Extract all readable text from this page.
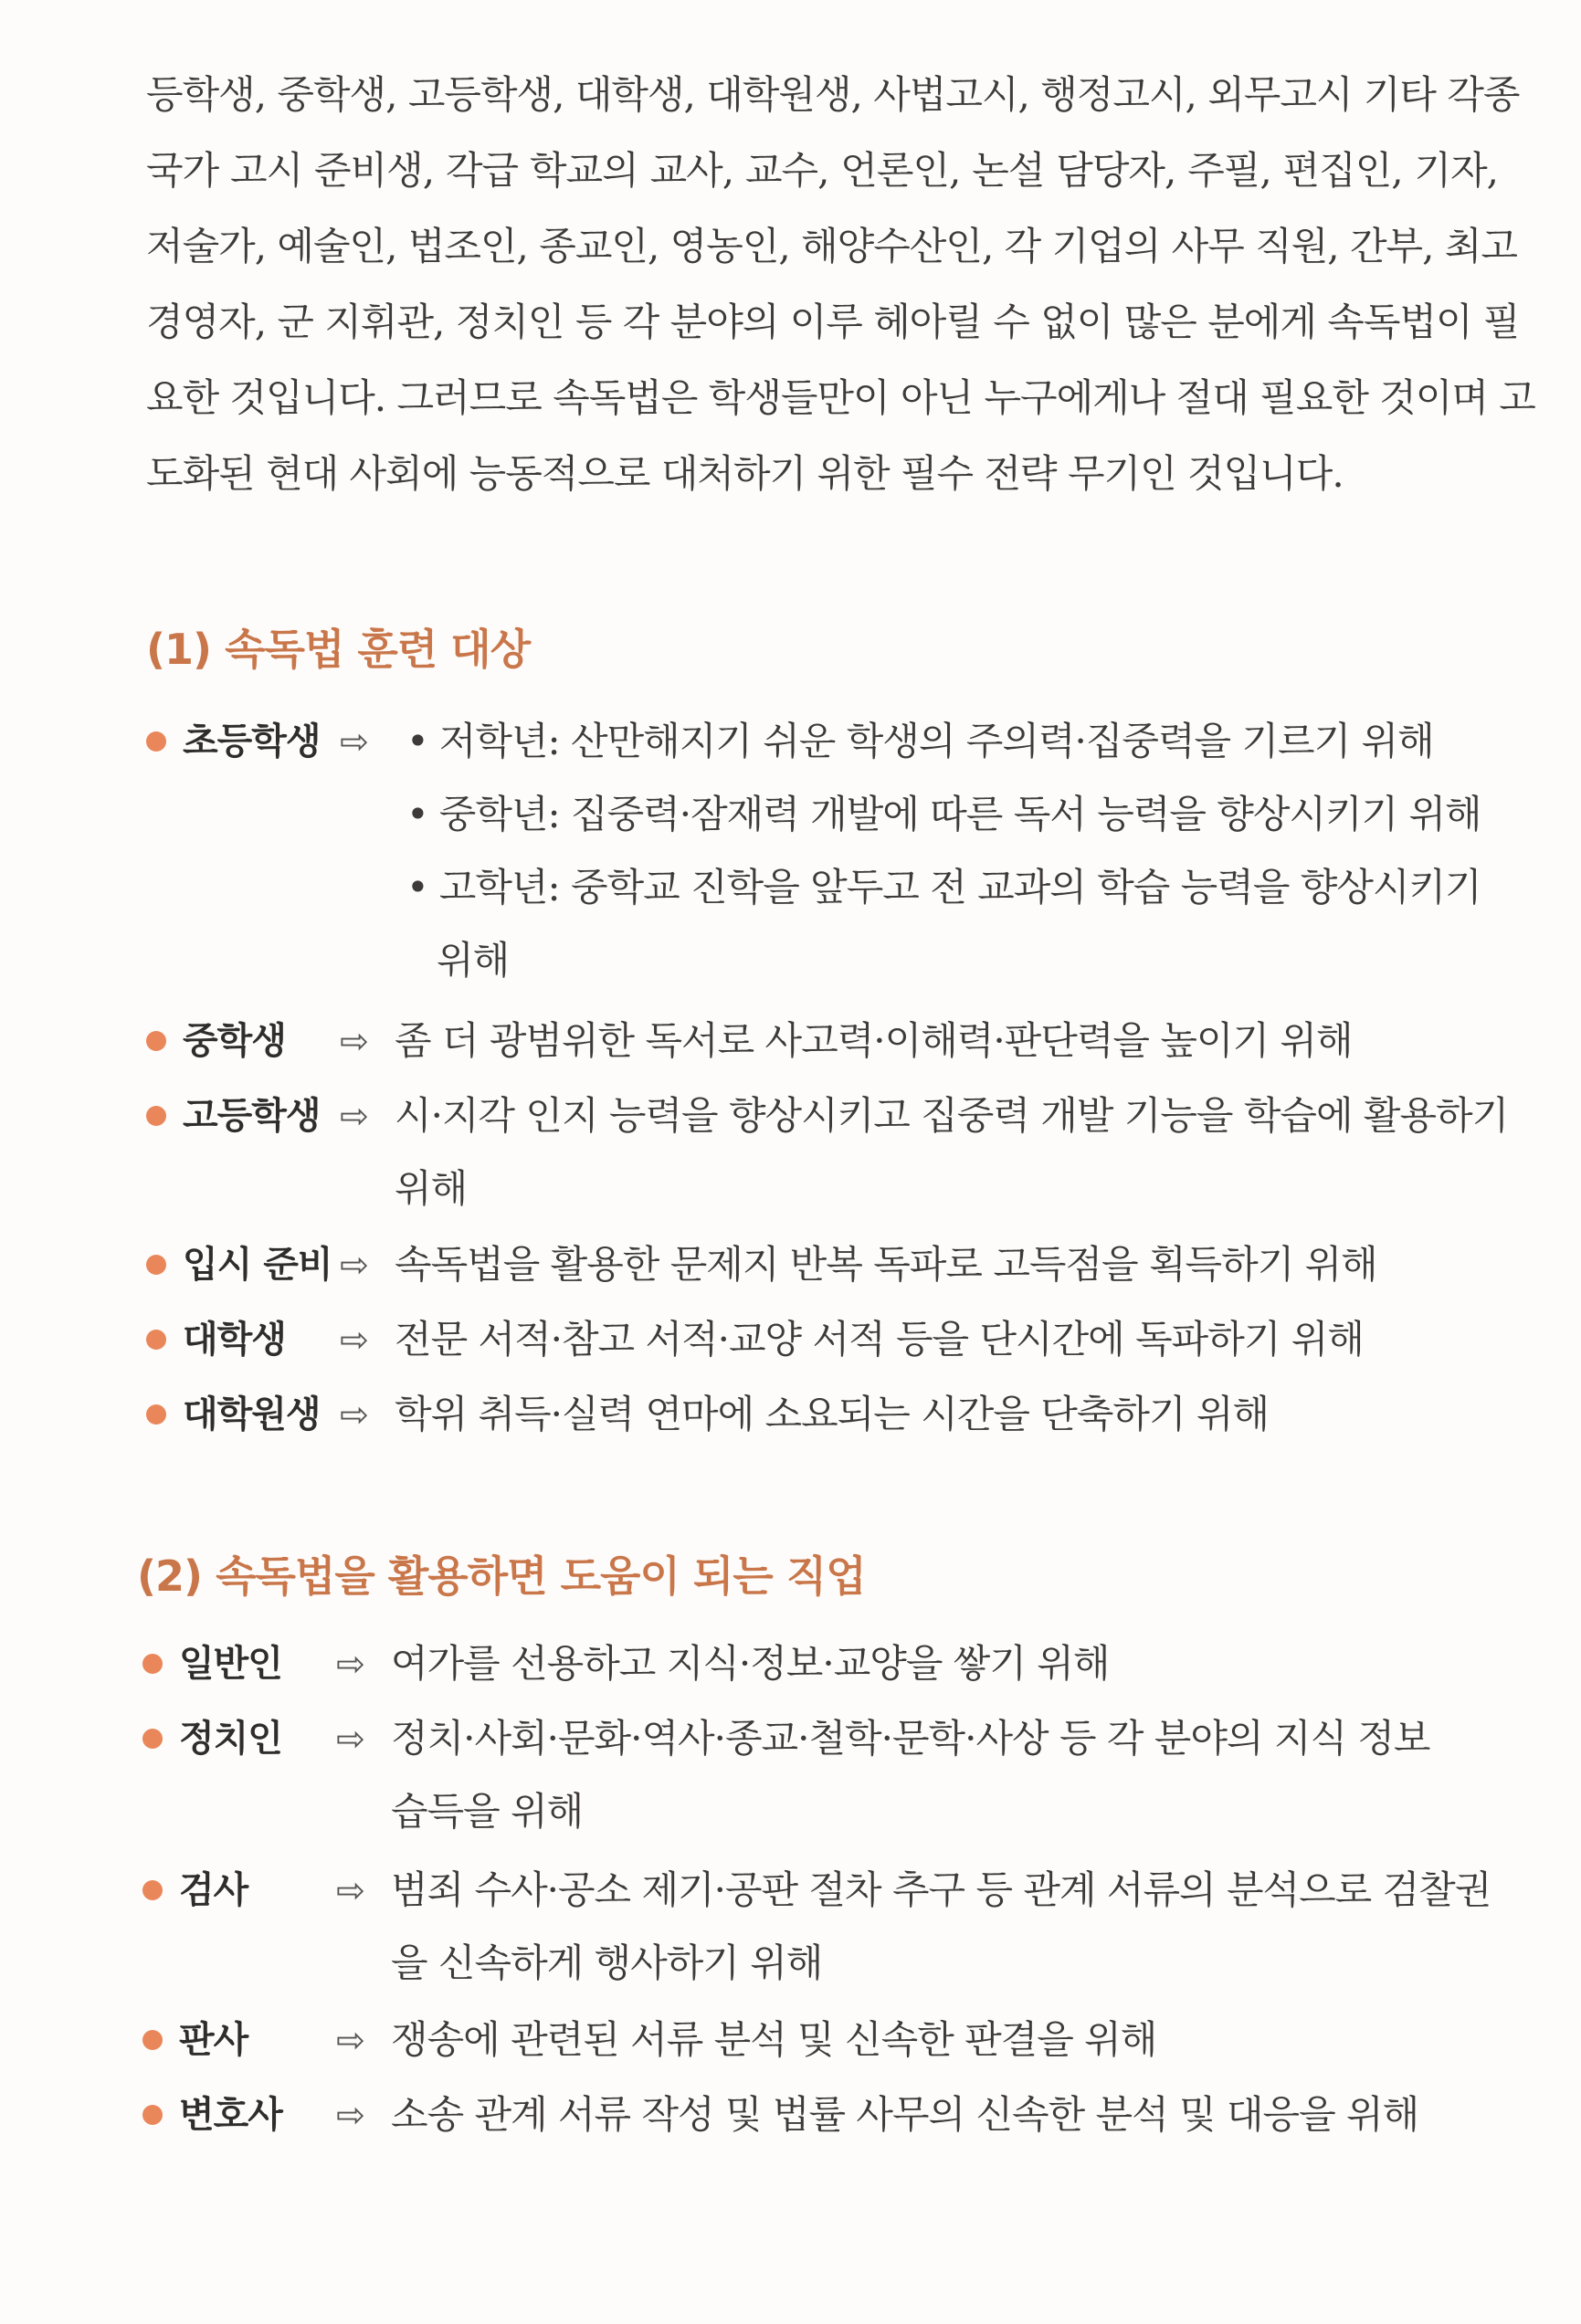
등학생, 중학생, 고등학생, 대학생, 대학원생, 사법고시, 행정고시, 외무고시 기타 각종
국가 고시 준비생, 각급 학교의 교사, 교수, 언론인, 논설 담당자, 주필, 편집인, 기자,
저술가, 예술인, 법조인, 종교인, 영농인, 해양수산인, 각 기업의 사무 직원, 간부, 최고
경영자, 군 지휘관, 정치인 등 각 분야의 이루 헤아릴 수 없이 많은 분에게 속독법이 필
요한 것입니다. 그러므로 속독법은 학생들만이 아닌 누구에게나 절대 필요한 것이며 고
도화된 현대 사회에 능동적으로 대처하기 위한 필수 전략 무기인 것입니다.
(1) 속독법 훈련 대상
초등학생 ⇨ • 저학년: 산만해지기 쉬운 학생의 주의력·집중력을 기르기 위해
• 중학년: 집중력·잠재력 개발에 따른 독서 능력을 향상시키기 위해
• 고학년: 중학교 진학을 앞두고 전 교과의 학습 능력을 향상시키기
위해
중학생 ⇨ 좀 더 광범위한 독서로 사고력·이해력·판단력을 높이기 위해
고등학생 ⇨ 시·지각 인지 능력을 향상시키고 집중력 개발 기능을 학습에 활용하기
위해
입시 준비 ⇨ 속독법을 활용한 문제지 반복 독파로 고득점을 획득하기 위해
대학생 ⇨ 전문 서적·참고 서적·교양 서적 등을 단시간에 독파하기 위해
대학원생 ⇨ 학위 취득·실력 연마에 소요되는 시간을 단축하기 위해
(2) 속독법을 활용하면 도움이 되는 직업
일반인 ⇨ 여가를 선용하고 지식·정보·교양을 쌓기 위해
정치인 ⇨ 정치·사회·문화·역사·종교·철학·문학·사상 등 각 분야의 지식 정보
습득을 위해
검사	⇨ 범죄 수사·공소 제기·공판 절차 추구 등 관계 서류의 분석으로 검찰권
을 신속하게 행사하기 위해
판사	⇨ 쟁송에 관련된 서류 분석 및 신속한 판결을 위해
변호사 ⇨ 소송 관계 서류 작성 및 법률 사무의 신속한 분석 및 대응을 위해
